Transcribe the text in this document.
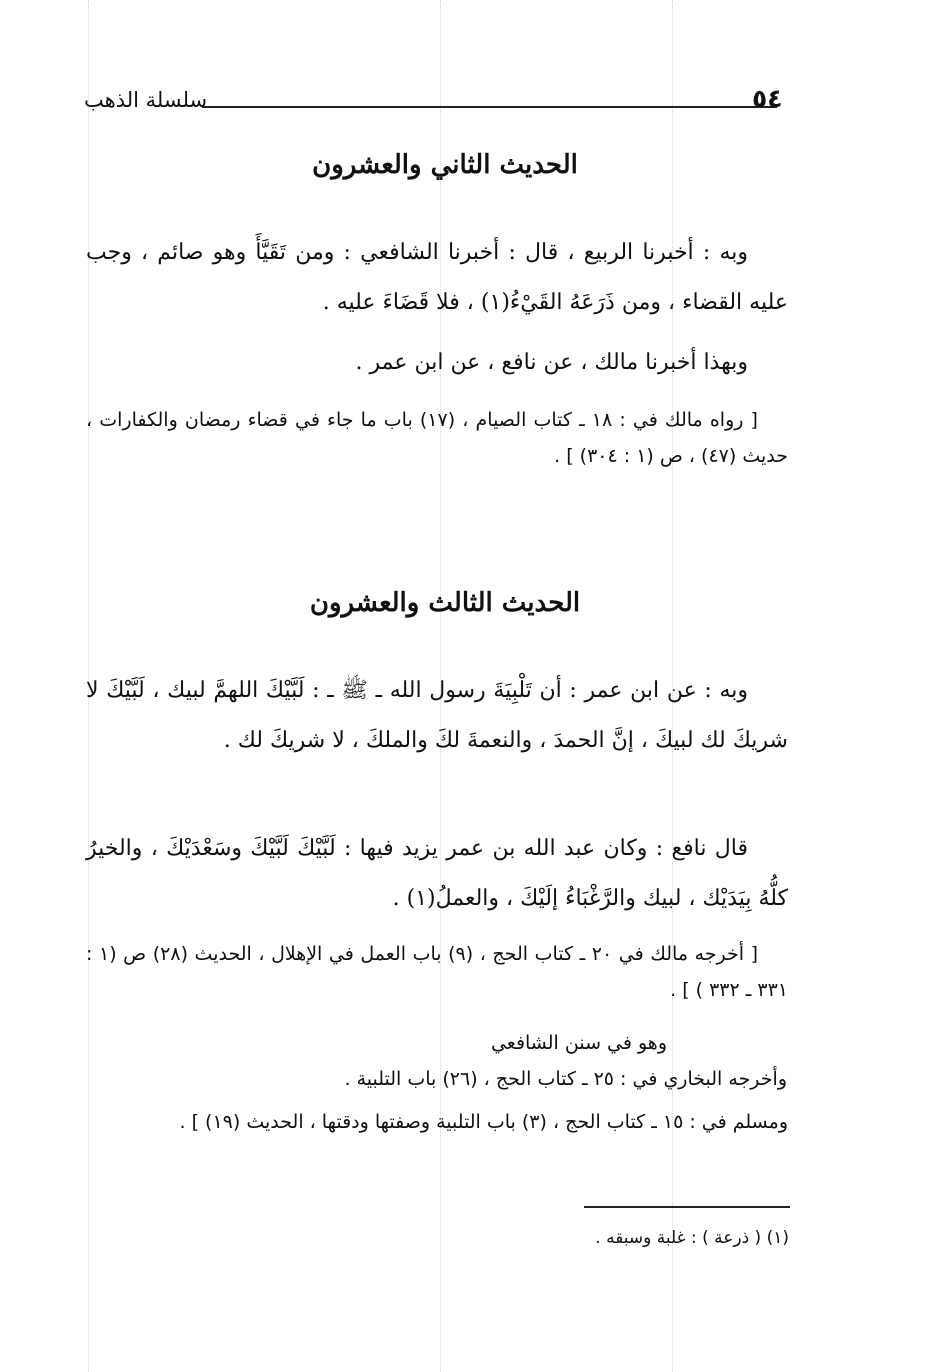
سلسلة الذهب	٥٤
الحديث الثاني والعشرون

وبه : أخبرنا الربيع ، قال : أخبرنا الشافعي : ومن تَقَيَّأَ وهو صائم ، وجب عليه القضاء ، ومن ذَرَعَهُ القَيْءُ(١) ، فلا قَضَاءَ عليه .

وبهذا أخبرنا مالك ، عن نافع ، عن ابن عمر .

[ رواه مالك في : ١٨ ـ كتاب الصيام ، (١٧) باب ما جاء في قضاء رمضان والكفارات ، حديث (٤٧) ، ص (١ : ٣٠٤) ] .

الحديث الثالث والعشرون

وبه : عن ابن عمر : أن تَلْبِيَةَ رسول الله ـ ﷺ ـ : لَبَّيْكَ اللهمَّ لبيك ، لَبَّيْكَ لا شريكَ لك لبيكَ ، إنَّ الحمدَ ، والنعمةَ لكَ والملكَ ، لا شريكَ لك .

قال نافع : وكان عبد الله بن عمر يزيد فيها : لَبَّيْكَ لَبَّيْكَ وسَعْدَيْكَ ، والخيرُ كلُّهُ بِيَدَيْك ، لبيك والرَّغْبَاءُ إلَيْكَ ، والعملُ(١) .

[ أخرجه مالك في ٢٠ ـ كتاب الحج ، (٩) باب العمل في الإهلال ، الحديث (٢٨) ص (١ : ٣٣١ ـ ٣٣٢ ) ] .

وهو في سنن الشافعي
وأخرجه البخاري في : ٢٥ ـ كتاب الحج ، (٢٦) باب التلبية .

ومسلم في : ١٥ ـ كتاب الحج ، (٣) باب التلبية وصفتها ودقتها ، الحديث (١٩) ] .

(١) ( ذرعة ) : غلبة وسبقه .
